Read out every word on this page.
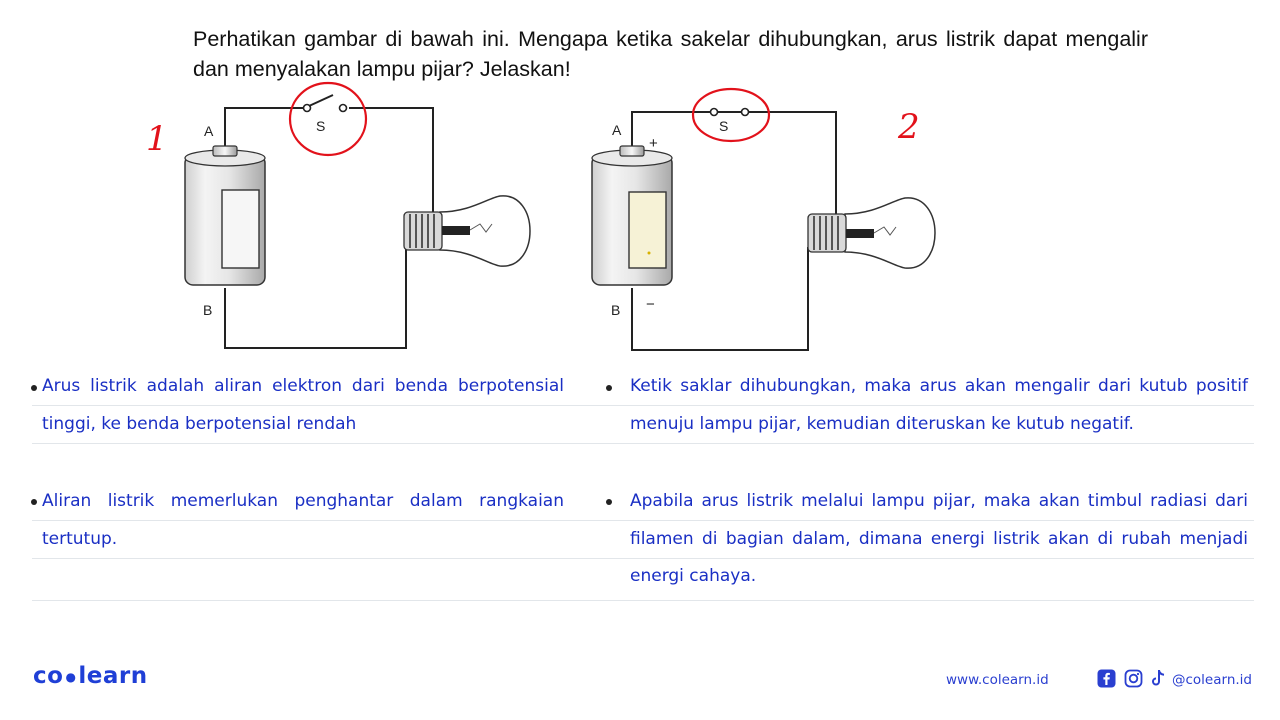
Perhatikan gambar di bawah ini. Mengapa ketika sakelar dihubungkan, arus listrik dapat mengalir dan menyalakan lampu pijar? Jelaskan!
1	S
A
B
2
S
A
B
+
−
Arus listrik adalah aliran elektron dari benda berpotensial tinggi, ke benda berpotensial rendah
Ketik saklar dihubungkan, maka arus akan mengalir dari kutub positif menuju lampu pijar, kemudian diteruskan ke kutub negatif.
Aliran listrik memerlukan penghantar dalam rangkaian tertutup.
Apabila arus listrik melalui lampu pijar, maka akan timbul radiasi dari filamen di bagian dalam, dimana energi listrik akan di rubah menjadi energi cahaya.
co ●learn	www.colearn.id	@colearn.id
